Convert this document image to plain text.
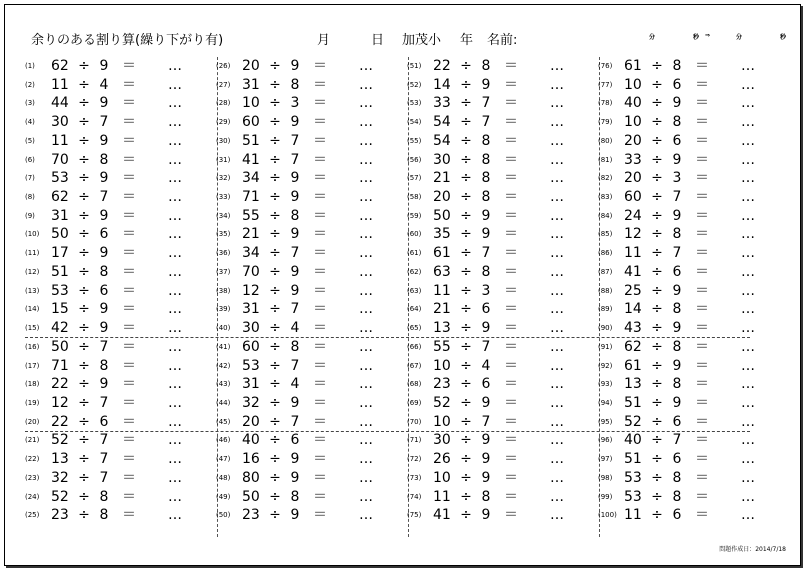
余りのある割り算(繰り下がり有)	月	日 加茂小 年 名前:	分	秒 ⇒	分	秒
(1) 62 ÷ 9 ＝	…
(2) 11 ÷ 4 ＝	…
(3) 44 ÷ 9 ＝	…
(4) 30 ÷ 7 ＝	…
(5) 11 ÷ 9 ＝	…
(6) 70 ÷ 8 ＝	…
(7) 53 ÷ 9 ＝	…
(8) 62 ÷ 7 ＝	…
(9) 31 ÷ 9 ＝	…
(10) 50 ÷ 6 ＝	…
(11) 17 ÷ 9 ＝	…
(12) 51 ÷ 8 ＝	…
(13) 53 ÷ 6 ＝	…
(14) 15 ÷ 9 ＝	…
(15) 42 ÷ 9 ＝	…
(16) 50 ÷ 7 ＝	…
(17) 71 ÷ 8 ＝	…
(18) 22 ÷ 9 ＝	…
(19) 12 ÷ 7 ＝	…
(20) 22 ÷ 6 ＝	…
(21) 52 ÷ 7 ＝	…
(22) 13 ÷ 7 ＝	…
(23) 32 ÷ 7 ＝	…
(24) 52 ÷ 8 ＝	…
(25) 23 ÷ 8 ＝	…
(26) 20 ÷ 9 ＝	…
(27) 31 ÷ 8 ＝	…
(28) 10 ÷ 3 ＝	…
(29) 60 ÷ 9 ＝	…
(30) 51 ÷ 7 ＝	…
(31) 41 ÷ 7 ＝	…
(32) 34 ÷ 9 ＝	…
(33) 71 ÷ 9 ＝	…
(34) 55 ÷ 8 ＝	…
(35) 21 ÷ 9 ＝	…
(36) 34 ÷ 7 ＝	…
(37) 70 ÷ 9 ＝	…
(38) 12 ÷ 9 ＝	…
(39) 31 ÷ 7 ＝	…
(40) 30 ÷ 4 ＝	…
(41) 60 ÷ 8 ＝	…
(42) 53 ÷ 7 ＝	…
(43) 31 ÷ 4 ＝	…
(44) 32 ÷ 9 ＝	…
(45) 20 ÷ 7 ＝	…
(46) 40 ÷ 6 ＝	…
(47) 16 ÷ 9 ＝	…
(48) 80 ÷ 9 ＝	…
(49) 50 ÷ 8 ＝	…
(50) 23 ÷ 9 ＝	…
(51) 22 ÷ 8 ＝	…
(52) 14 ÷ 9 ＝	…
(53) 33 ÷ 7 ＝	…
(54) 54 ÷ 7 ＝	…
(55) 54 ÷ 8 ＝	…
(56) 30 ÷ 8 ＝	…
(57) 21 ÷ 8 ＝	…
(58) 20 ÷ 8 ＝	…
(59) 50 ÷ 9 ＝	…
(60) 35 ÷ 9 ＝	…
(61) 61 ÷ 7 ＝	…
(62) 63 ÷ 8 ＝	…
(63) 11 ÷ 3 ＝	…
(64) 21 ÷ 6 ＝	…
(65) 13 ÷ 9 ＝	…
(66) 55 ÷ 7 ＝	…
(67) 10 ÷ 4 ＝	…
(68) 23 ÷ 6 ＝	…
(69) 52 ÷ 9 ＝	…
(70) 10 ÷ 7 ＝	…
(71) 30 ÷ 9 ＝	…
(72) 26 ÷ 9 ＝	…
(73) 10 ÷ 9 ＝	…
(74) 11 ÷ 8 ＝	…
(75) 41 ÷ 9 ＝	…
(76) 61 ÷ 8 ＝	…
(77) 10 ÷ 6 ＝	…
(78) 40 ÷ 9 ＝	…
(79) 10 ÷ 8 ＝	…
(80) 20 ÷ 6 ＝	…
(81) 33 ÷ 9 ＝	…
(82) 20 ÷ 3 ＝	…
(83) 60 ÷ 7 ＝	…
(84) 24 ÷ 9 ＝	…
(85) 12 ÷ 8 ＝	…
(86) 11 ÷ 7 ＝	…
(87) 41 ÷ 6 ＝	…
(88) 25 ÷ 9 ＝	…
(89) 14 ÷ 8 ＝	…
(90) 43 ÷ 9 ＝	…
(91) 62 ÷ 8 ＝	…
(92) 61 ÷ 9 ＝	…
(93) 13 ÷ 8 ＝	…
(94) 51 ÷ 9 ＝	…
(95) 52 ÷ 6 ＝	…
(96) 40 ÷ 7 ＝	…
(97) 51 ÷ 6 ＝	…
(98) 53 ÷ 8 ＝	…
(99) 53 ÷ 8 ＝	…
(100) 11 ÷ 6 ＝	…
問題作成日：2014/7/18
